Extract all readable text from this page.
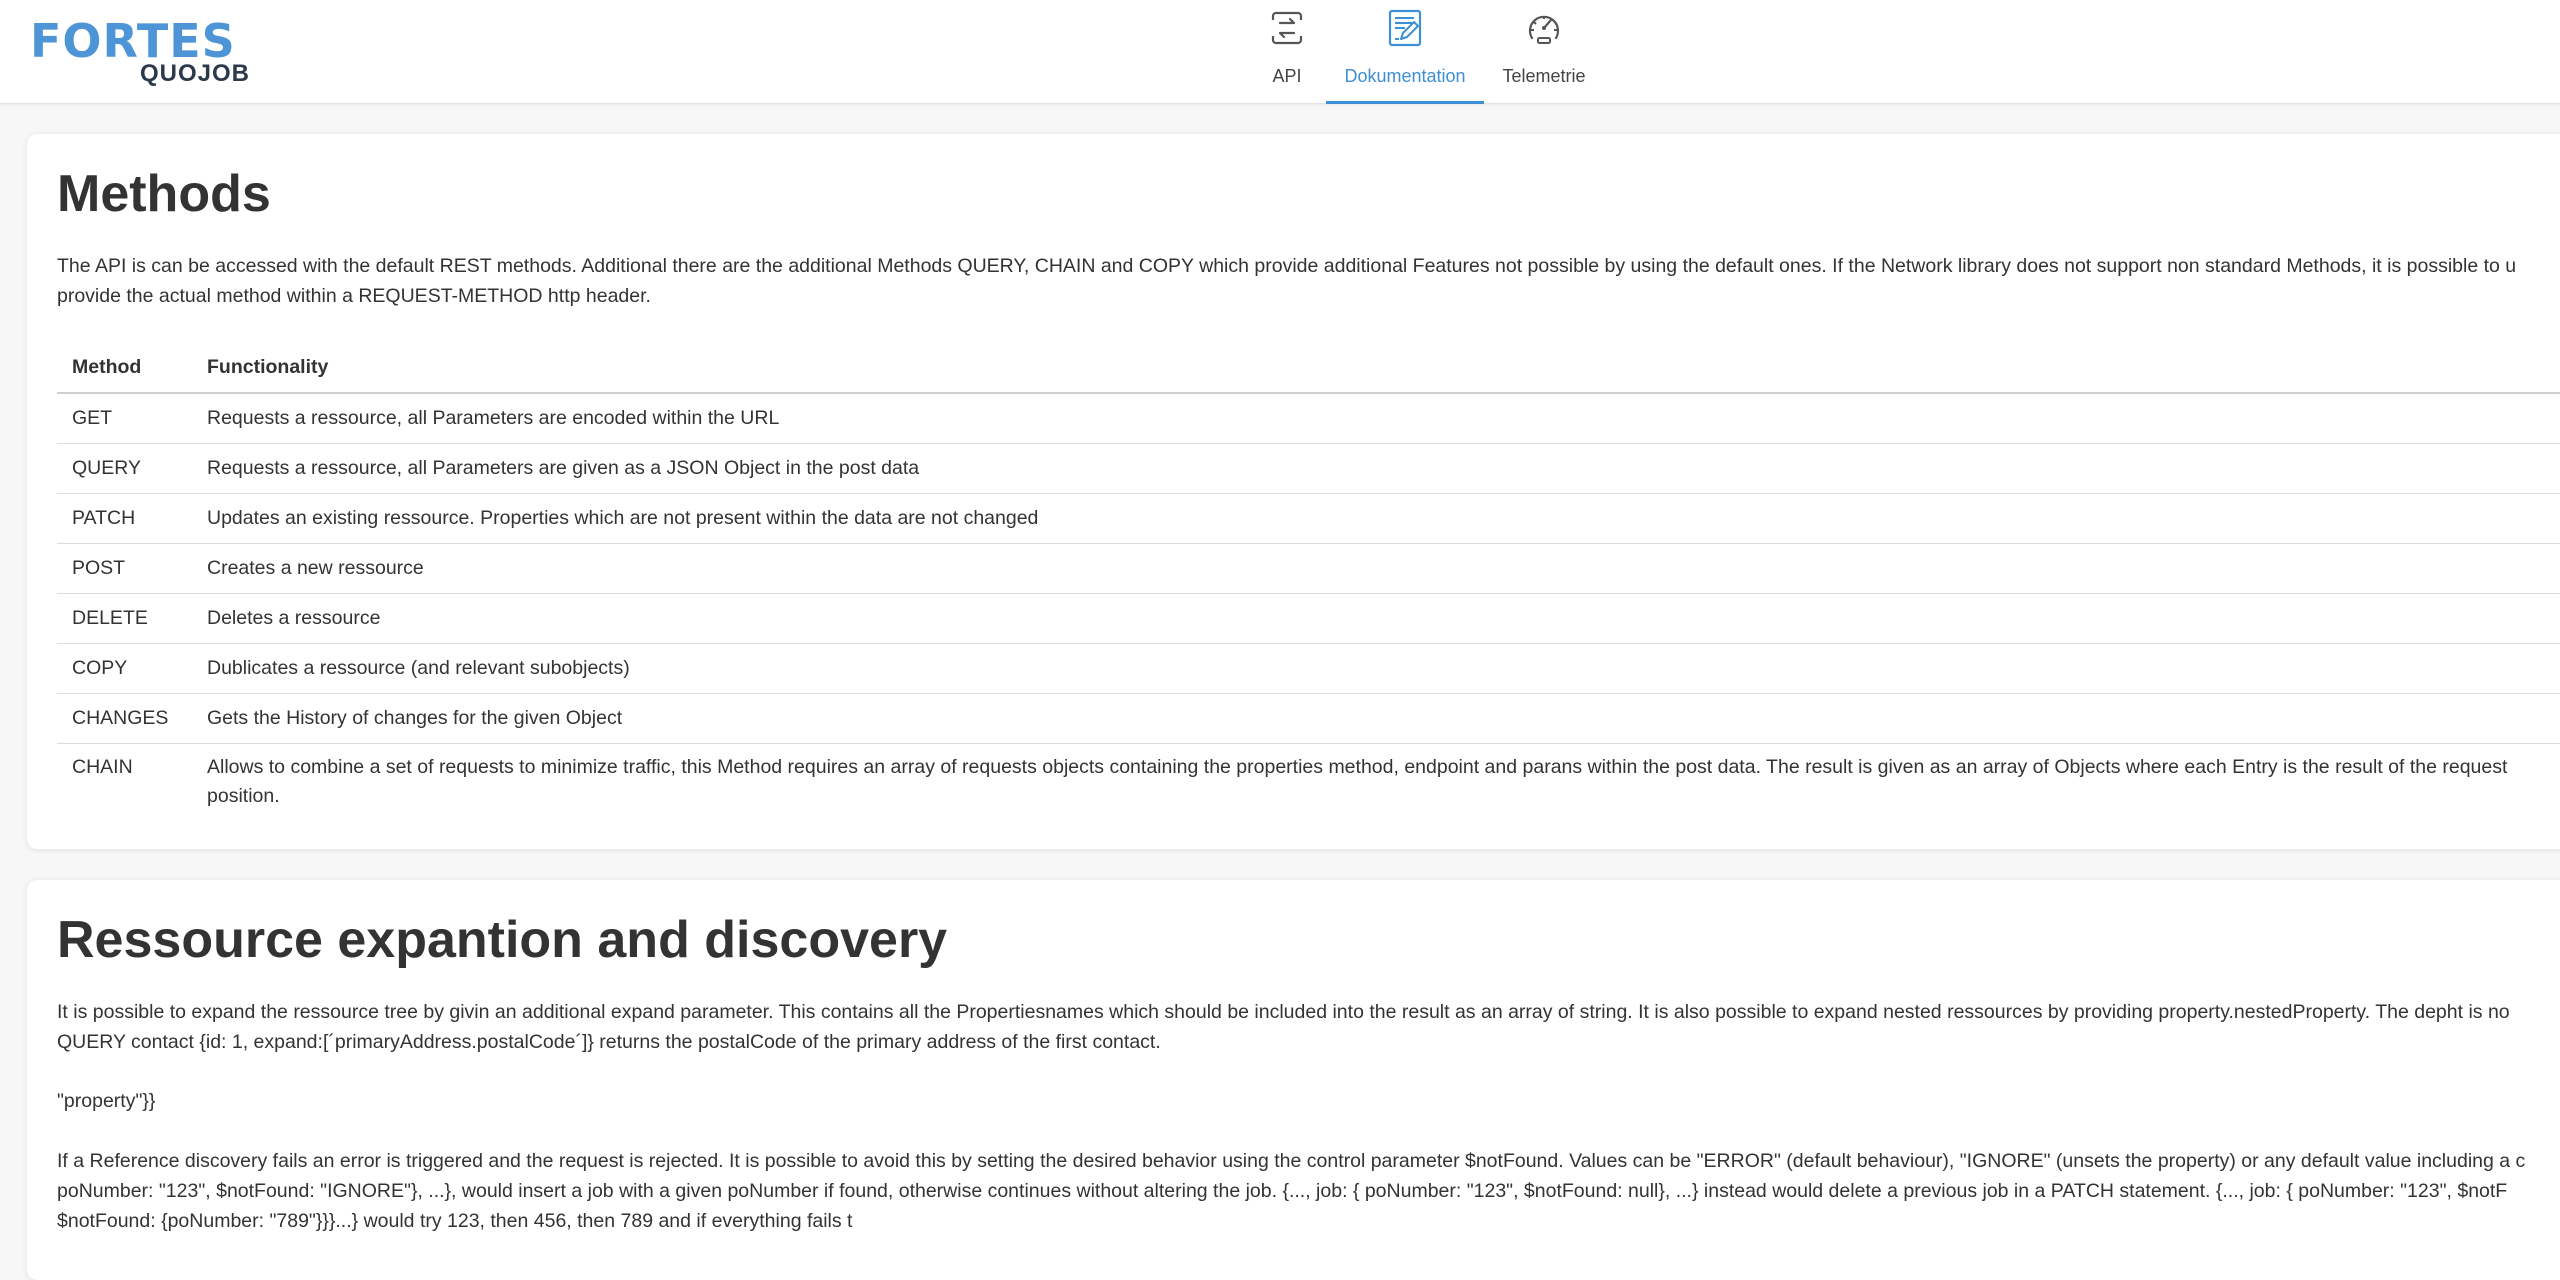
FORTES
QUOJOB	API	Dokumentation	Telemetrie
Methods

The API is can be accessed with the default REST methods. Additional there are the additional Methods QUERY, CHAIN and COPY which provide additional Features not possible by using the default ones. If the Network library does not support non standard Methods, it is possible to u

provide the actual method within a REQUEST-METHOD http header.

Method	Functionality
GET	Requests a ressource, all Parameters are encoded within the URL
QUERY	Requests a ressource, all Parameters are given as a JSON Object in the post data
PATCH	Updates an existing ressource. Properties which are not present within the data are not changed
POST	Creates a new ressource
DELETE	Deletes a ressource
COPY	Dublicates a ressource (and relevant subobjects)
CHANGES	Gets the History of changes for the given Object
CHAIN	Allows to combine a set of requests to minimize traffic, this Method requires an array of requests objects containing the properties method, endpoint and parans within the post data. The result is given as an array of Objects where each Entry is the result of the request
position.
Ressource expantion and discovery

It is possible to expand the ressource tree by givin an additional expand parameter. This contains all the Propertiesnames which should be included into the result as an array of string. It is also possible to expand nested ressources by providing property.nestedProperty. The depht is no

QUERY contact {id: 1, expand:[´primaryAddress.postalCode´]} returns the postalCode of the primary address of the first contact.

"property"}}

If a Reference discovery fails an error is triggered and the request is rejected. It is possible to avoid this by setting the desired behavior using the control parameter $notFound. Values can be "ERROR" (default behaviour), "IGNORE" (unsets the property) or any default value including a c

poNumber: "123", $notFound: "IGNORE"}, ...}, would insert a job with a given poNumber if found, otherwise continues without altering the job. {..., job: { poNumber: "123", $notFound: null}, ...} instead would delete a previous job in a PATCH statement. {..., job: { poNumber: "123", $notF

$notFound: {poNumber: "789"}}}...} would try 123, then 456, then 789 and if everything fails t
